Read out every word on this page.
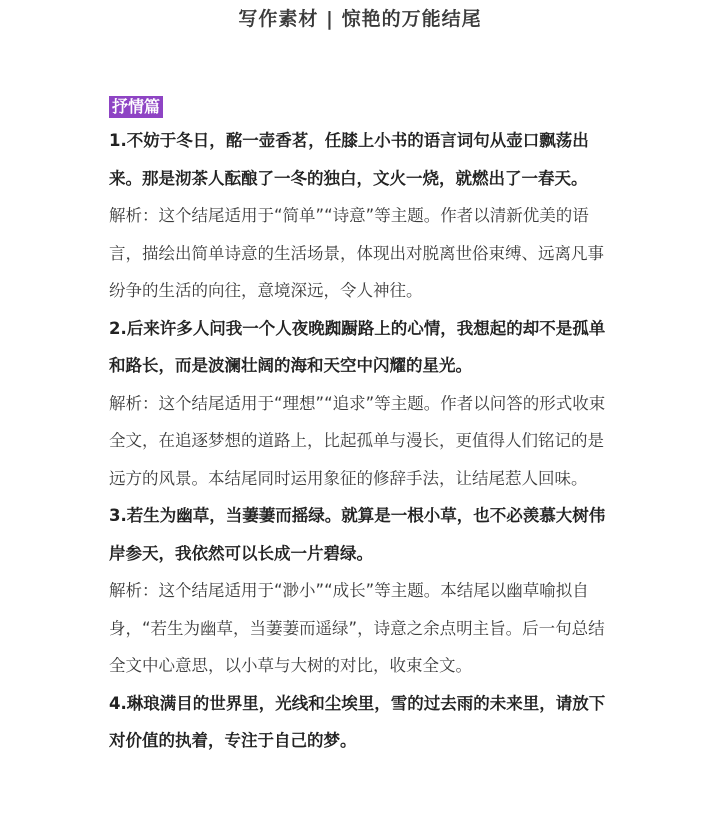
写作素材 | 惊艳的万能结尾
抒情篇

1.不妨于冬日，酩一壶香茗，任膝上小书的语言词句从壶口飘荡出来。那是沏茶人酝酿了一冬的独白，文火一烧，就燃出了一春天。

解析：这个结尾适用于“简单”“诗意”等主题。作者以清新优美的语言，描绘出简单诗意的生活场景，体现出对脱离世俗束缚、远离凡事纷争的生活的向往，意境深远，令人神往。

2.后来许多人问我一个人夜晚踟蹰路上的心情，我想起的却不是孤单和路长，而是波澜壮阔的海和天空中闪耀的星光。

解析：这个结尾适用于“理想”“追求”等主题。作者以问答的形式收束全文，在追逐梦想的道路上，比起孤单与漫长，更值得人们铭记的是远方的风景。本结尾同时运用象征的修辞手法，让结尾惹人回味。

3.若生为幽草，当萋萋而摇绿。就算是一根小草，也不必羡慕大树伟岸参天，我依然可以长成一片碧绿。

解析：这个结尾适用于“渺小”“成长”等主题。本结尾以幽草喻拟自身，“若生为幽草，当萋萋而遥绿”，诗意之余点明主旨。后一句总结全文中心意思，以小草与大树的对比，收束全文。

4.琳琅满目的世界里，光线和尘埃里，雪的过去雨的未来里，请放下对价值的执着，专注于自己的梦。
